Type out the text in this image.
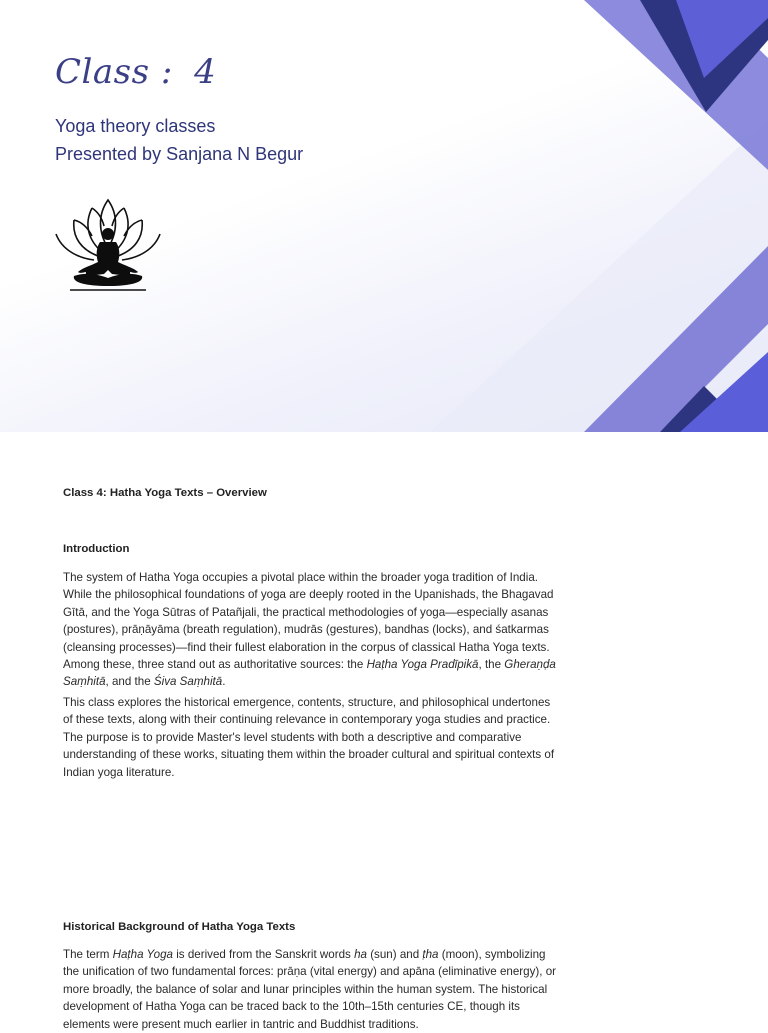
Class : 4
Yoga theory classes
Presented by Sanjana N Begur
Class 4: Hatha Yoga Texts – Overview
Introduction

The system of Hatha Yoga occupies a pivotal place within the broader yoga tradition of India. While the philosophical foundations of yoga are deeply rooted in the Upanishads, the Bhagavad Gītā, and the Yoga Sūtras of Patañjali, the practical methodologies of yoga—especially asanas (postures), prāṇāyāma (breath regulation), mudrās (gestures), bandhas (locks), and śatkarmas (cleansing processes)—find their fullest elaboration in the corpus of classical Hatha Yoga texts. Among these, three stand out as authoritative sources: the Haṭha Yoga Pradīpikā, the Gheraṇḍa Saṃhitā, and the Śiva Saṃhitā.

This class explores the historical emergence, contents, structure, and philosophical undertones of these texts, along with their continuing relevance in contemporary yoga studies and practice. The purpose is to provide Master's level students with both a descriptive and comparative understanding of these works, situating them within the broader cultural and spiritual contexts of Indian yoga literature.

Historical Background of Hatha Yoga Texts

The term Haṭha Yoga is derived from the Sanskrit words ha (sun) and ṭha (moon), symbolizing the unification of two fundamental forces: prāṇa (vital energy) and apāna (eliminative energy), or more broadly, the balance of solar and lunar principles within the human system. The historical development of Hatha Yoga can be traced back to the 10th–15th centuries CE, though its elements were present much earlier in tantric and Buddhist traditions.
